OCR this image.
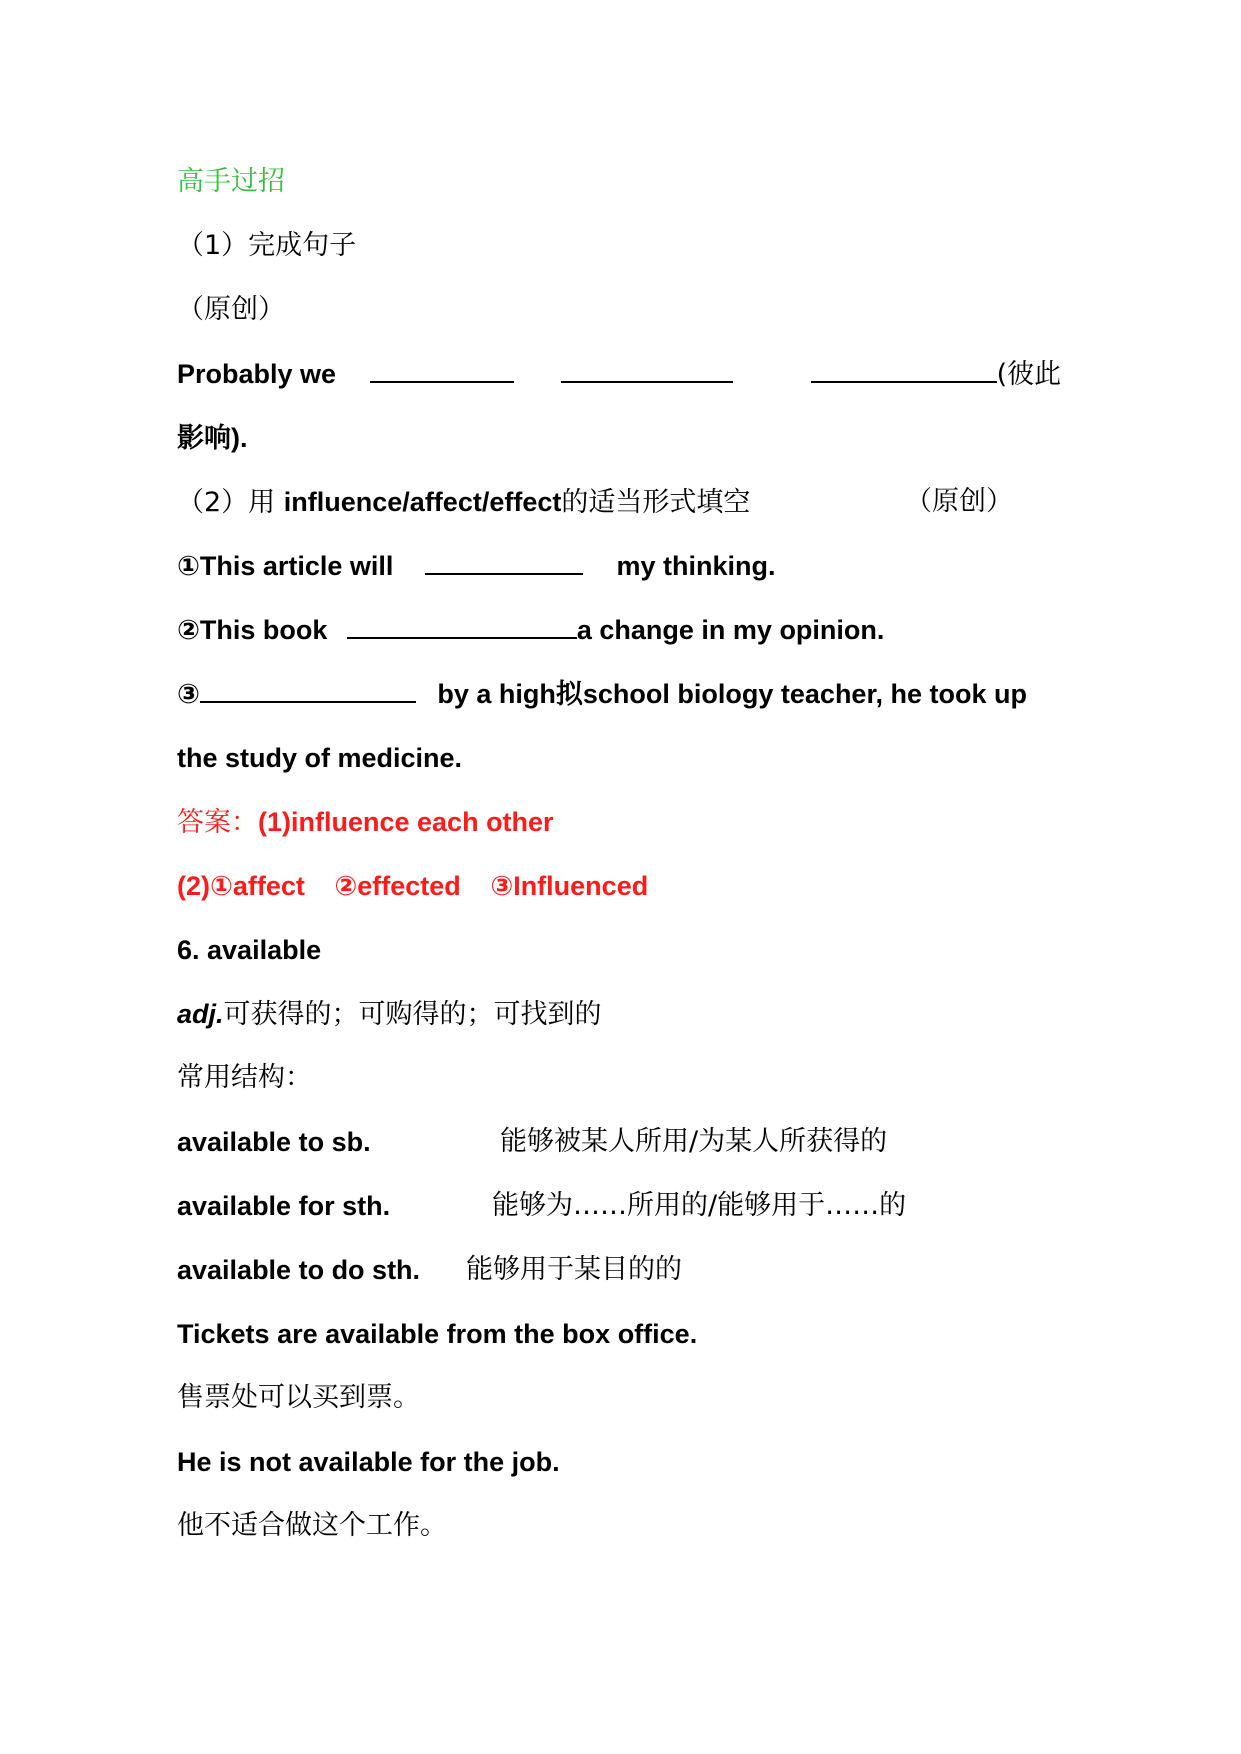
高手过招
（1）完成句子
（原创）
Probably we	(彼此
影响).
（2）用 influence/affect/effect的适当形式填空	（原创）
①This article will	my thinking.
②This book	a change in my opinion.
③	by a high拟school biology teacher, he took up
the study of medicine.
答案：(1)influence each other
(2)①affect ②effected ③Influenced
6. available
adj.可获得的；可购得的；可找到的
常用结构：
available to sb.	能够被某人所用/为某人所获得的
available for sth.	能够为……所用的/能够用于……的
available to do sth. 能够用于某目的的
Tickets are available from the box office.
售票处可以买到票。
He is not available for the job.
他不适合做这个工作。
